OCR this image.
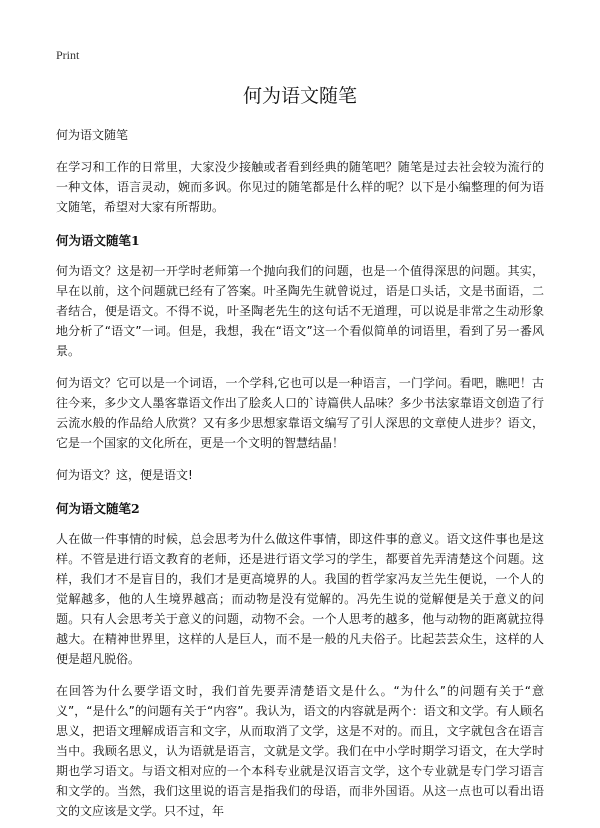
Print
何为语文随笔
何为语文随笔

在学习和工作的日常里，大家没少接触或者看到经典的随笔吧？随笔是过去社会较为流行的一种文体，语言灵动，婉而多讽。你见过的随笔都是什么样的呢？以下是小编整理的何为语文随笔，希望对大家有所帮助。

何为语文随笔1

何为语文？这是初一开学时老师第一个抛向我们的问题，也是一个值得深思的问题。其实，早在以前，这个问题就已经有了答案。叶圣陶先生就曾说过，语是口头话，文是书面语，二者结合，便是语文。不得不说，叶圣陶老先生的这句话不无道理，可以说是非常之生动形象地分析了“语文”一词。但是，我想，我在“语文”这一个看似简单的词语里，看到了另一番风景。

何为语文？它可以是一个词语，一个学科,它也可以是一种语言，一门学问。看吧，瞧吧！古往今来，多少文人墨客靠语文作出了脍炙人口的`诗篇供人品味？多少书法家靠语文创造了行云流水般的作品给人欣赏？又有多少思想家靠语文编写了引人深思的文章使人进步？语文，它是一个国家的文化所在，更是一个文明的智慧结晶！

何为语文？这，便是语文!

何为语文随笔2

人在做一件事情的时候，总会思考为什么做这件事情，即这件事的意义。语文这件事也是这样。不管是进行语文教育的老师，还是进行语文学习的学生，都要首先弄清楚这个问题。这样，我们才不是盲目的，我们才是更高境界的人。我国的哲学家冯友兰先生便说，一个人的觉解越多，他的人生境界越高；而动物是没有觉解的。冯先生说的觉解便是关于意义的问题。只有人会思考关于意义的问题，动物不会。一个人思考的越多，他与动物的距离就拉得越大。在精神世界里，这样的人是巨人，而不是一般的凡夫俗子。比起芸芸众生，这样的人便是超凡脱俗。

在回答为什么要学语文时，我们首先要弄清楚语文是什么。“为什么”的问题有关于“意义”，“是什么”的问题有关于“内容”。我认为，语文的内容就是两个：语文和文学。有人顾名思义，把语文理解成语言和文字，从而取消了文学，这是不对的。而且，文字就包含在语言当中。我顾名思义，认为语就是语言，文就是文学。我们在中小学时期学习语文，在大学时期也学习语文。与语文相对应的一个本科专业就是汉语言文学，这个专业就是专门学习语言和文学的。当然，我们这里说的语言是指我们的母语，而非外国语。从这一点也可以看出语文的文应该是文学。只不过，年
